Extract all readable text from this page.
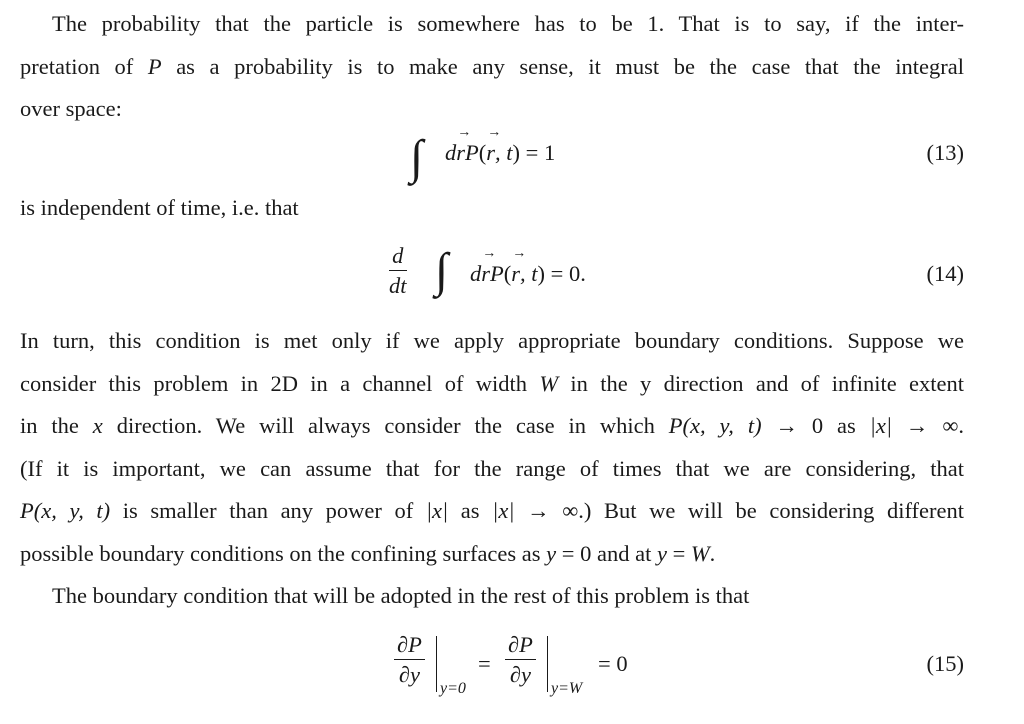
The probability that the particle is somewhere has to be 1. That is to say, if the inter-
pretation of P as a probability is to make any sense, it must be the case that the integral
over space:
∫ d→ rP(→ r, t) = 1	(13)
is independent of time, i.e. that
$\frac{d}{dt}$ ∫ d→ rP(→ r, t) = 0.	(14)
In turn, this condition is met only if we apply appropriate boundary conditions. Suppose we
consider this problem in 2D in a channel of width W in the y direction and of infinite extent
in the x direction. We will always consider the case in which P(x, y, t) → 0 as |x| → ∞.
(If it is important, we can assume that for the range of times that we are considering, that
P(x, y, t) is smaller than any power of |x| as |x| → ∞.) But we will be considering different
possible boundary conditions on the confining surfaces as y = 0 and at y = W.
The boundary condition that will be adopted in the rest of this problem is that
$\frac{\partial P}{\partial y} y=0$
= $\frac{\partial P}{\partial y} y=W$
= 0	(15)
